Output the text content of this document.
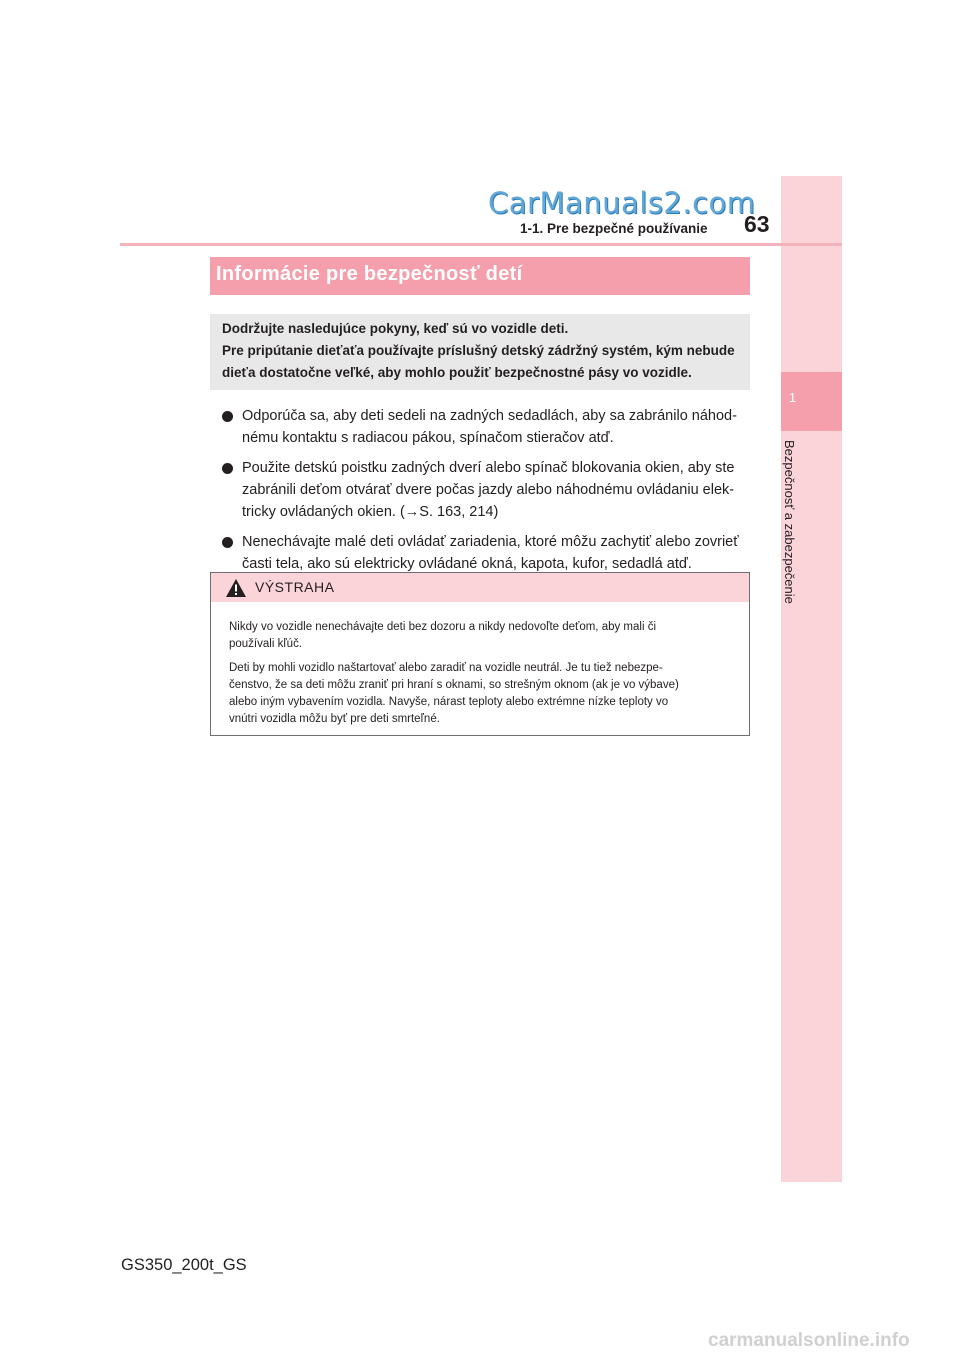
1
Bezpečnosť a zabezpečenie
CarManuals2.com
1-1. Pre bezpečné používanie 63
Informácie pre bezpečnosť detí
Dodržujte nasledujúce pokyny, keď sú vo vozidle deti.
Pre pripútanie dieťaťa používajte príslušný detský zádržný systém, kým nebude
dieťa dostatočne veľké, aby mohlo použiť bezpečnostné pásy vo vozidle.
Odporúča sa, aby deti sedeli na zadných sedadlách, aby sa zabránilo náhod-
nému kontaktu s radiacou pákou, spínačom stieračov atď.
Použite detskú poistku zadných dverí alebo spínač blokovania okien, aby ste
zabránili deťom otvárať dvere počas jazdy alebo náhodnému ovládaniu elek-
tricky ovládaných okien. (→S. 163, 214)
Nenechávajte malé deti ovládať zariadenia, ktoré môžu zachytiť alebo zovrieť
časti tela, ako sú elektricky ovládané okná, kapota, kufor, sedadlá atď.
VÝSTRAHA
Nikdy vo vozidle nenechávajte deti bez dozoru a nikdy nedovoľte deťom, aby mali či
používali kľúč.
Deti by mohli vozidlo naštartovať alebo zaradiť na vozidle neutrál. Je tu tiež nebezpe-
čenstvo, že sa deti môžu zraniť pri hraní s oknami, so strešným oknom (ak je vo výbave)
alebo iným vybavením vozidla. Navyše, nárast teploty alebo extrémne nízke teploty vo
vnútri vozidla môžu byť pre deti smrteľné.
GS350_200t_GS
carmanualsonline.info
